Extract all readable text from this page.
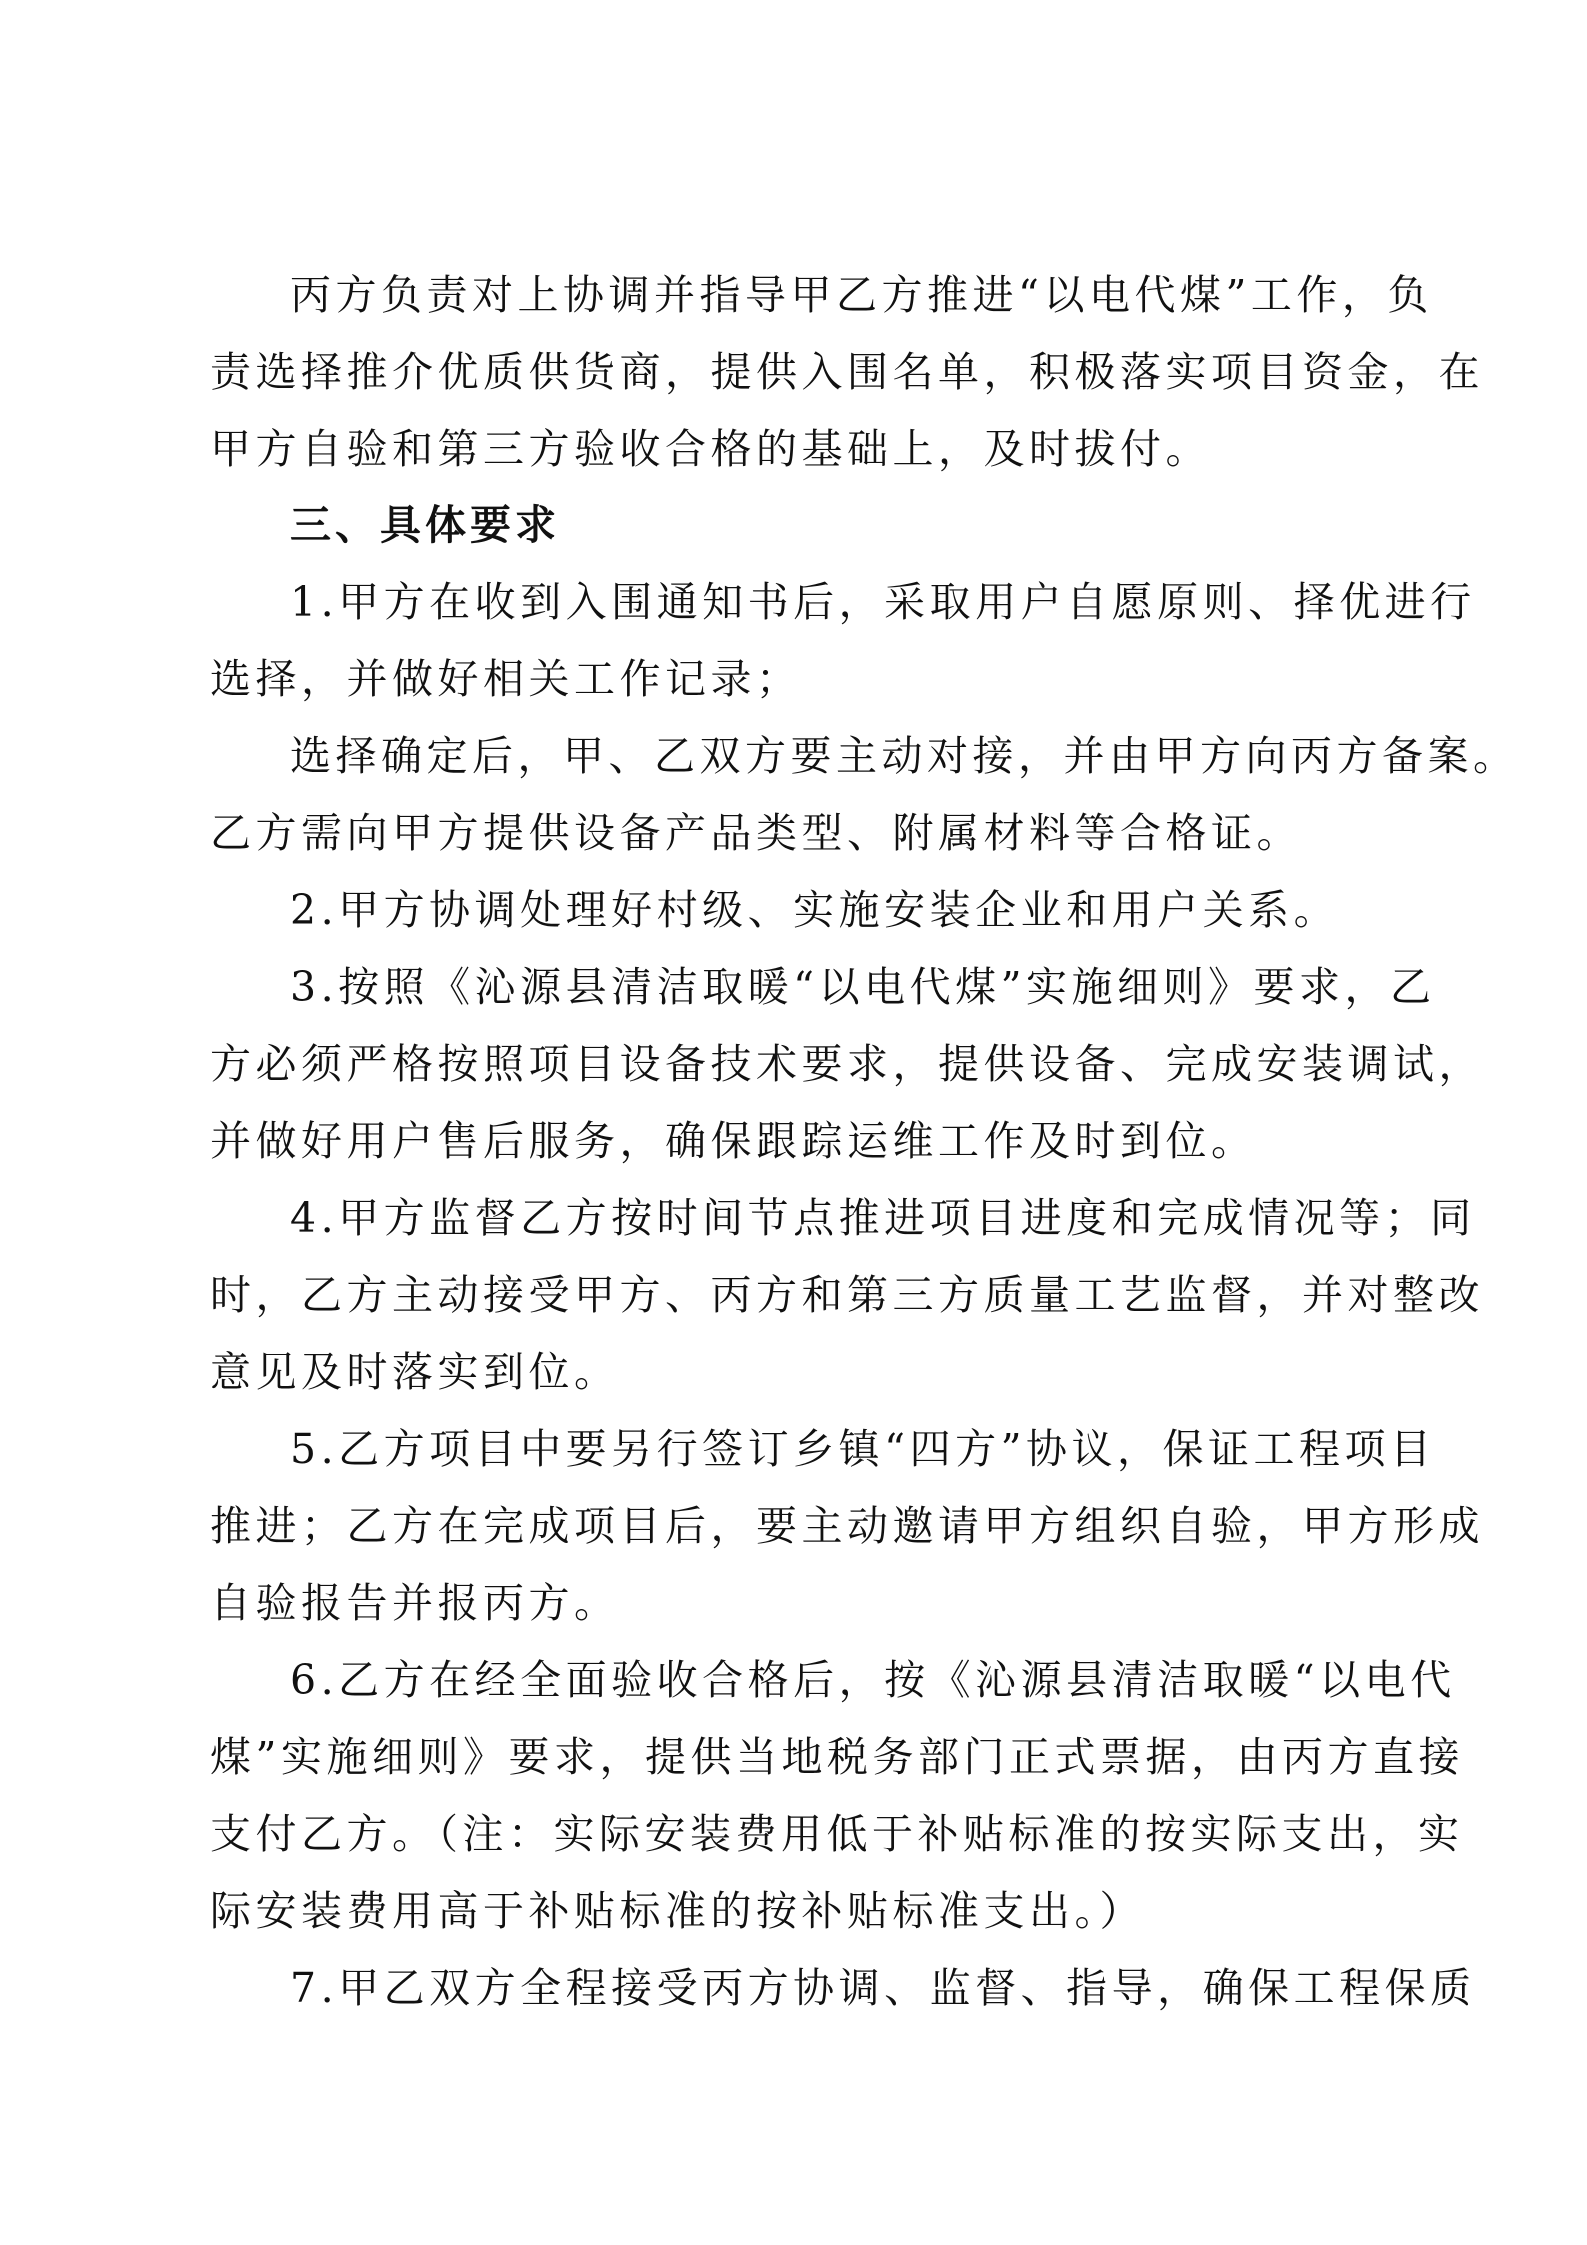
丙方负责对上协调并指导甲乙方推进“以电代煤”工作，负

责选择推介优质供货商，提供入围名单，积极落实项目资金，在

甲方自验和第三方验收合格的基础上，及时拔付。

三、具体要求

1.甲方在收到入围通知书后，采取用户自愿原则、择优进行

选择，并做好相关工作记录；

选择确定后，甲、乙双方要主动对接，并由甲方向丙方备案。

乙方需向甲方提供设备产品类型、附属材料等合格证。

2.甲方协调处理好村级、实施安装企业和用户关系。

3.按照《沁源县清洁取暖“以电代煤”实施细则》要求，乙

方必须严格按照项目设备技术要求，提供设备、完成安装调试，

并做好用户售后服务，确保跟踪运维工作及时到位。

4.甲方监督乙方按时间节点推进项目进度和完成情况等；同

时，乙方主动接受甲方、丙方和第三方质量工艺监督，并对整改

意见及时落实到位。

5.乙方项目中要另行签订乡镇“四方”协议，保证工程项目

推进；乙方在完成项目后，要主动邀请甲方组织自验，甲方形成

自验报告并报丙方。

6.乙方在经全面验收合格后，按《沁源县清洁取暖“以电代

煤”实施细则》要求，提供当地税务部门正式票据，由丙方直接

支付乙方。（注：实际安装费用低于补贴标准的按实际支出，实

际安装费用高于补贴标准的按补贴标准支出。）

7.甲乙双方全程接受丙方协调、监督、指导，确保工程保质
